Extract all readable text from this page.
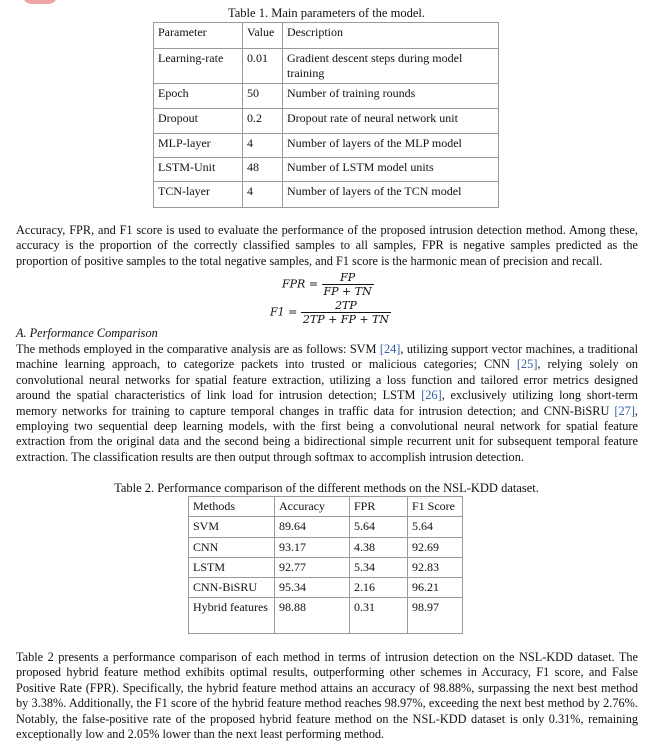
Table 1. Main parameters of the model.
Parameter	Value	Description
Learning-rate	0.01	Gradient descent steps during model training
Epoch	50	Number of training rounds
Dropout	0.2	Dropout rate of neural network unit
MLP-layer	4	Number of layers of the MLP model
LSTM-Unit	48	Number of LSTM model units
TCN-layer	4	Number of layers of the TCN model

Accuracy, FPR, and F1 score is used to evaluate the performance of the proposed intrusion detection method. Among these, accuracy is the proportion of the correctly classified samples to all samples, FPR is negative samples predicted as the proportion of positive samples to the total negative samples, and F1 score is the harmonic mean of precision and recall.

FPR = $\frac{FP}{FP + TN}$
$F1 = \frac{2TP}{2TP + FP + TN}$
A. Performance Comparison

The methods employed in the comparative analysis are as follows: SVM [24], utilizing support vector machines, a traditional machine learning approach, to categorize packets into trusted or malicious categories; CNN [25], relying solely on convolutional neural networks for spatial feature extraction, utilizing a loss function and tailored error metrics designed around the spatial characteristics of link load for intrusion detection; LSTM [26], exclusively utilizing long short-term memory networks for training to capture temporal changes in traffic data for intrusion detection; and CNN-BiSRU [27], employing two sequential deep learning models, with the first being a convolutional neural network for spatial feature extraction from the original data and the second being a bidirectional simple recurrent unit for subsequent temporal feature extraction. The classification results are then output through softmax to accomplish intrusion detection.

Table 2. Performance comparison of the different methods on the NSL-KDD dataset.
Methods	Accuracy	FPR	F1 Score
SVM	89.64	5.64	5.64
CNN	93.17	4.38	92.69
LSTM	92.77	5.34	92.83
CNN-BiSRU	95.34	2.16	96.21
Hybrid features	98.88	0.31	98.97

Table 2 presents a performance comparison of each method in terms of intrusion detection on the NSL-KDD dataset. The proposed hybrid feature method exhibits optimal results, outperforming other schemes in Accuracy, F1 score, and False Positive Rate (FPR). Specifically, the hybrid feature method attains an accuracy of 98.88%, surpassing the next best method by 3.38%. Additionally, the F1 score of the hybrid feature method reaches 98.97%, exceeding the next best method by 2.76%. Notably, the false-positive rate of the proposed hybrid feature method on the NSL-KDD dataset is only 0.31%, remaining exceptionally low and 2.05% lower than the next least performing method.
